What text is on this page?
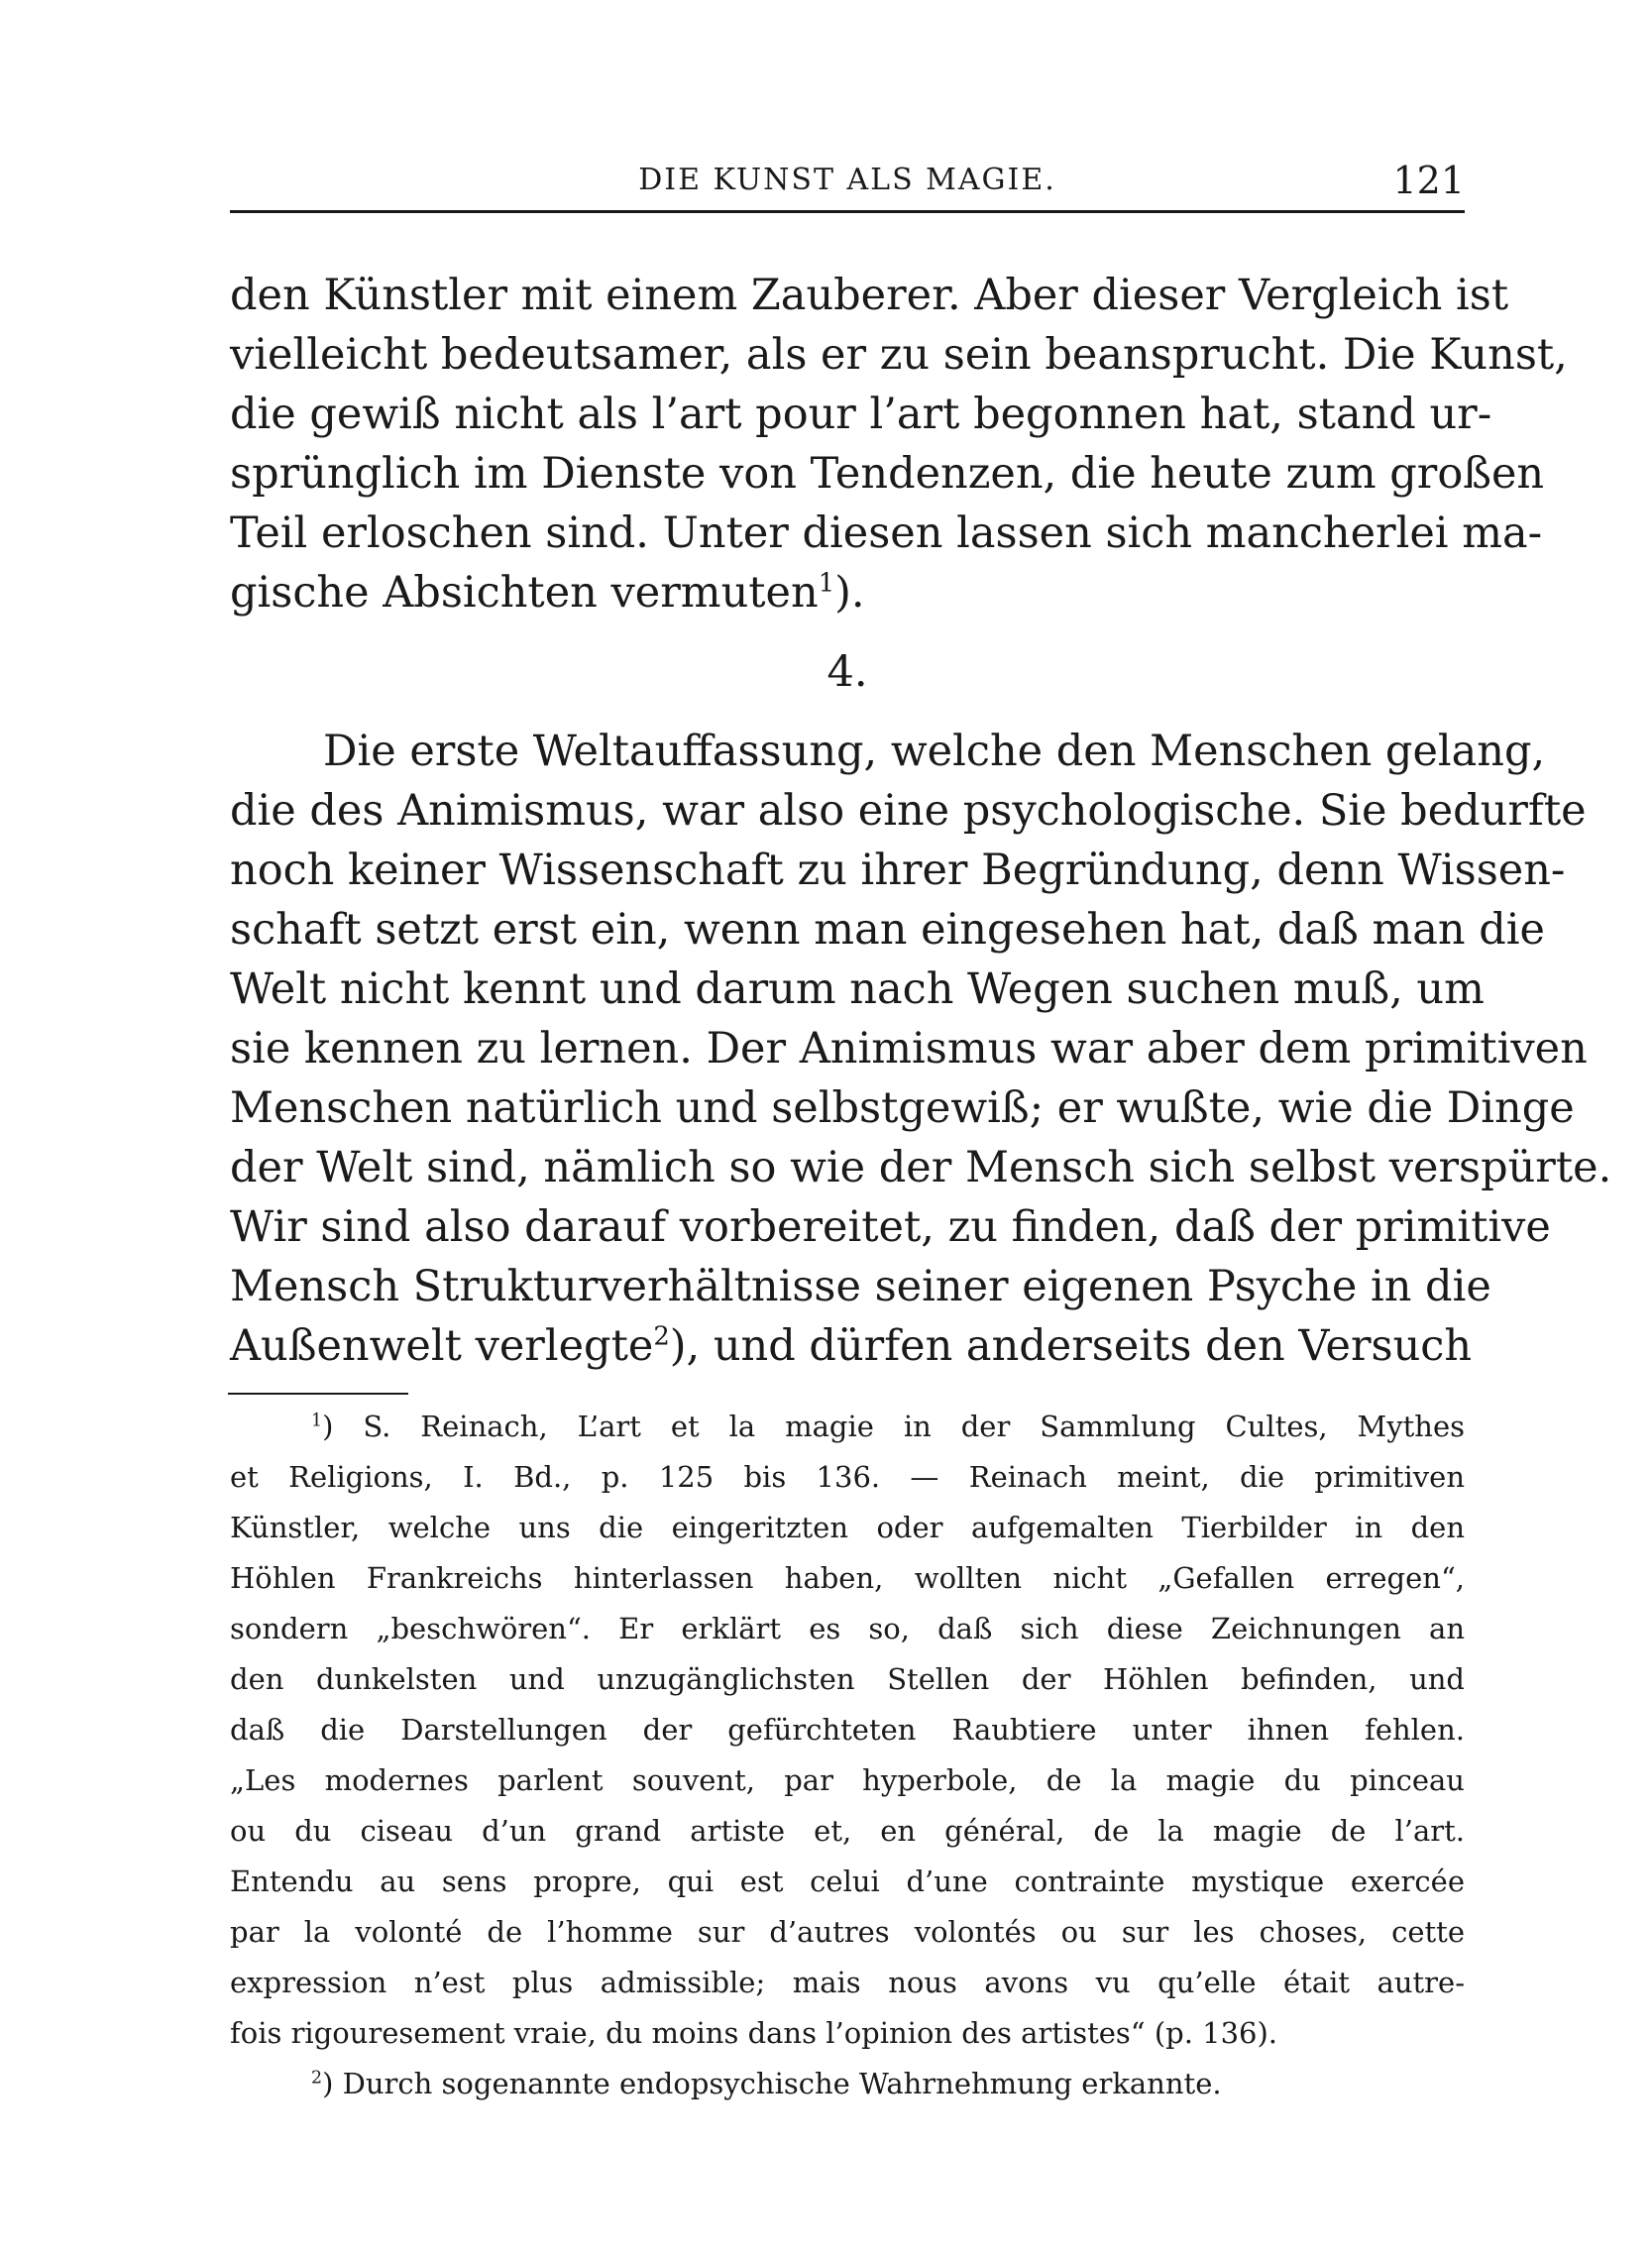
DIE KUNST ALS MAGIE.	121
den Künstler mit einem Zauberer. Aber dieser Vergleich ist
vielleicht bedeutsamer, als er zu sein beansprucht. Die Kunst,
die gewiß nicht als l’art pour l’art begonnen hat, stand ur-
sprünglich im Dienste von Tendenzen, die heute zum großen
Teil erloschen sind. Unter diesen lassen sich mancherlei ma-
gische Absichten vermuten$^1$).
4.
Die erste Weltauffassung, welche den Menschen gelang,
die des Animismus, war also eine psychologische. Sie bedurfte
noch keiner Wissenschaft zu ihrer Begründung, denn Wissen-
schaft setzt erst ein, wenn man eingesehen hat, daß man die
Welt nicht kennt und darum nach Wegen suchen muß, um
sie kennen zu lernen. Der Animismus war aber dem primitiven
Menschen natürlich und selbstgewiß; er wußte, wie die Dinge
der Welt sind, nämlich so wie der Mensch sich selbst verspürte.
Wir sind also darauf vorbereitet, zu finden, daß der primitive
Mensch Strukturverhältnisse seiner eigenen Psyche in die
Außenwelt verlegte$^2$), und dürfen anderseits den Versuch
$^1$) S. Reinach, L’art et la magie in der Sammlung Cultes, Mythes
et Religions, I. Bd., p. 125 bis 136. — Reinach meint, die primitiven
Künstler, welche uns die eingeritzten oder aufgemalten Tierbilder in den
Höhlen Frankreichs hinterlassen haben, wollten nicht „Gefallen erregen“,
sondern „beschwören“. Er erklärt es so, daß sich diese Zeichnungen an
den dunkelsten und unzugänglichsten Stellen der Höhlen befinden, und
daß die Darstellungen der gefürchteten Raubtiere unter ihnen fehlen.
„Les modernes parlent souvent, par hyperbole, de la magie du pinceau
ou du ciseau d’un grand artiste et, en général, de la magie de l’art.
Entendu au sens propre, qui est celui d’une contrainte mystique exercée
par la volonté de l’homme sur d’autres volontés ou sur les choses, cette
expression n’est plus admissible; mais nous avons vu qu’elle était autre-
fois rigouresement vraie, du moins dans l’opinion des artistes“ (p. 136).
$^2$) Durch sogenannte endopsychische Wahrnehmung erkannte.
